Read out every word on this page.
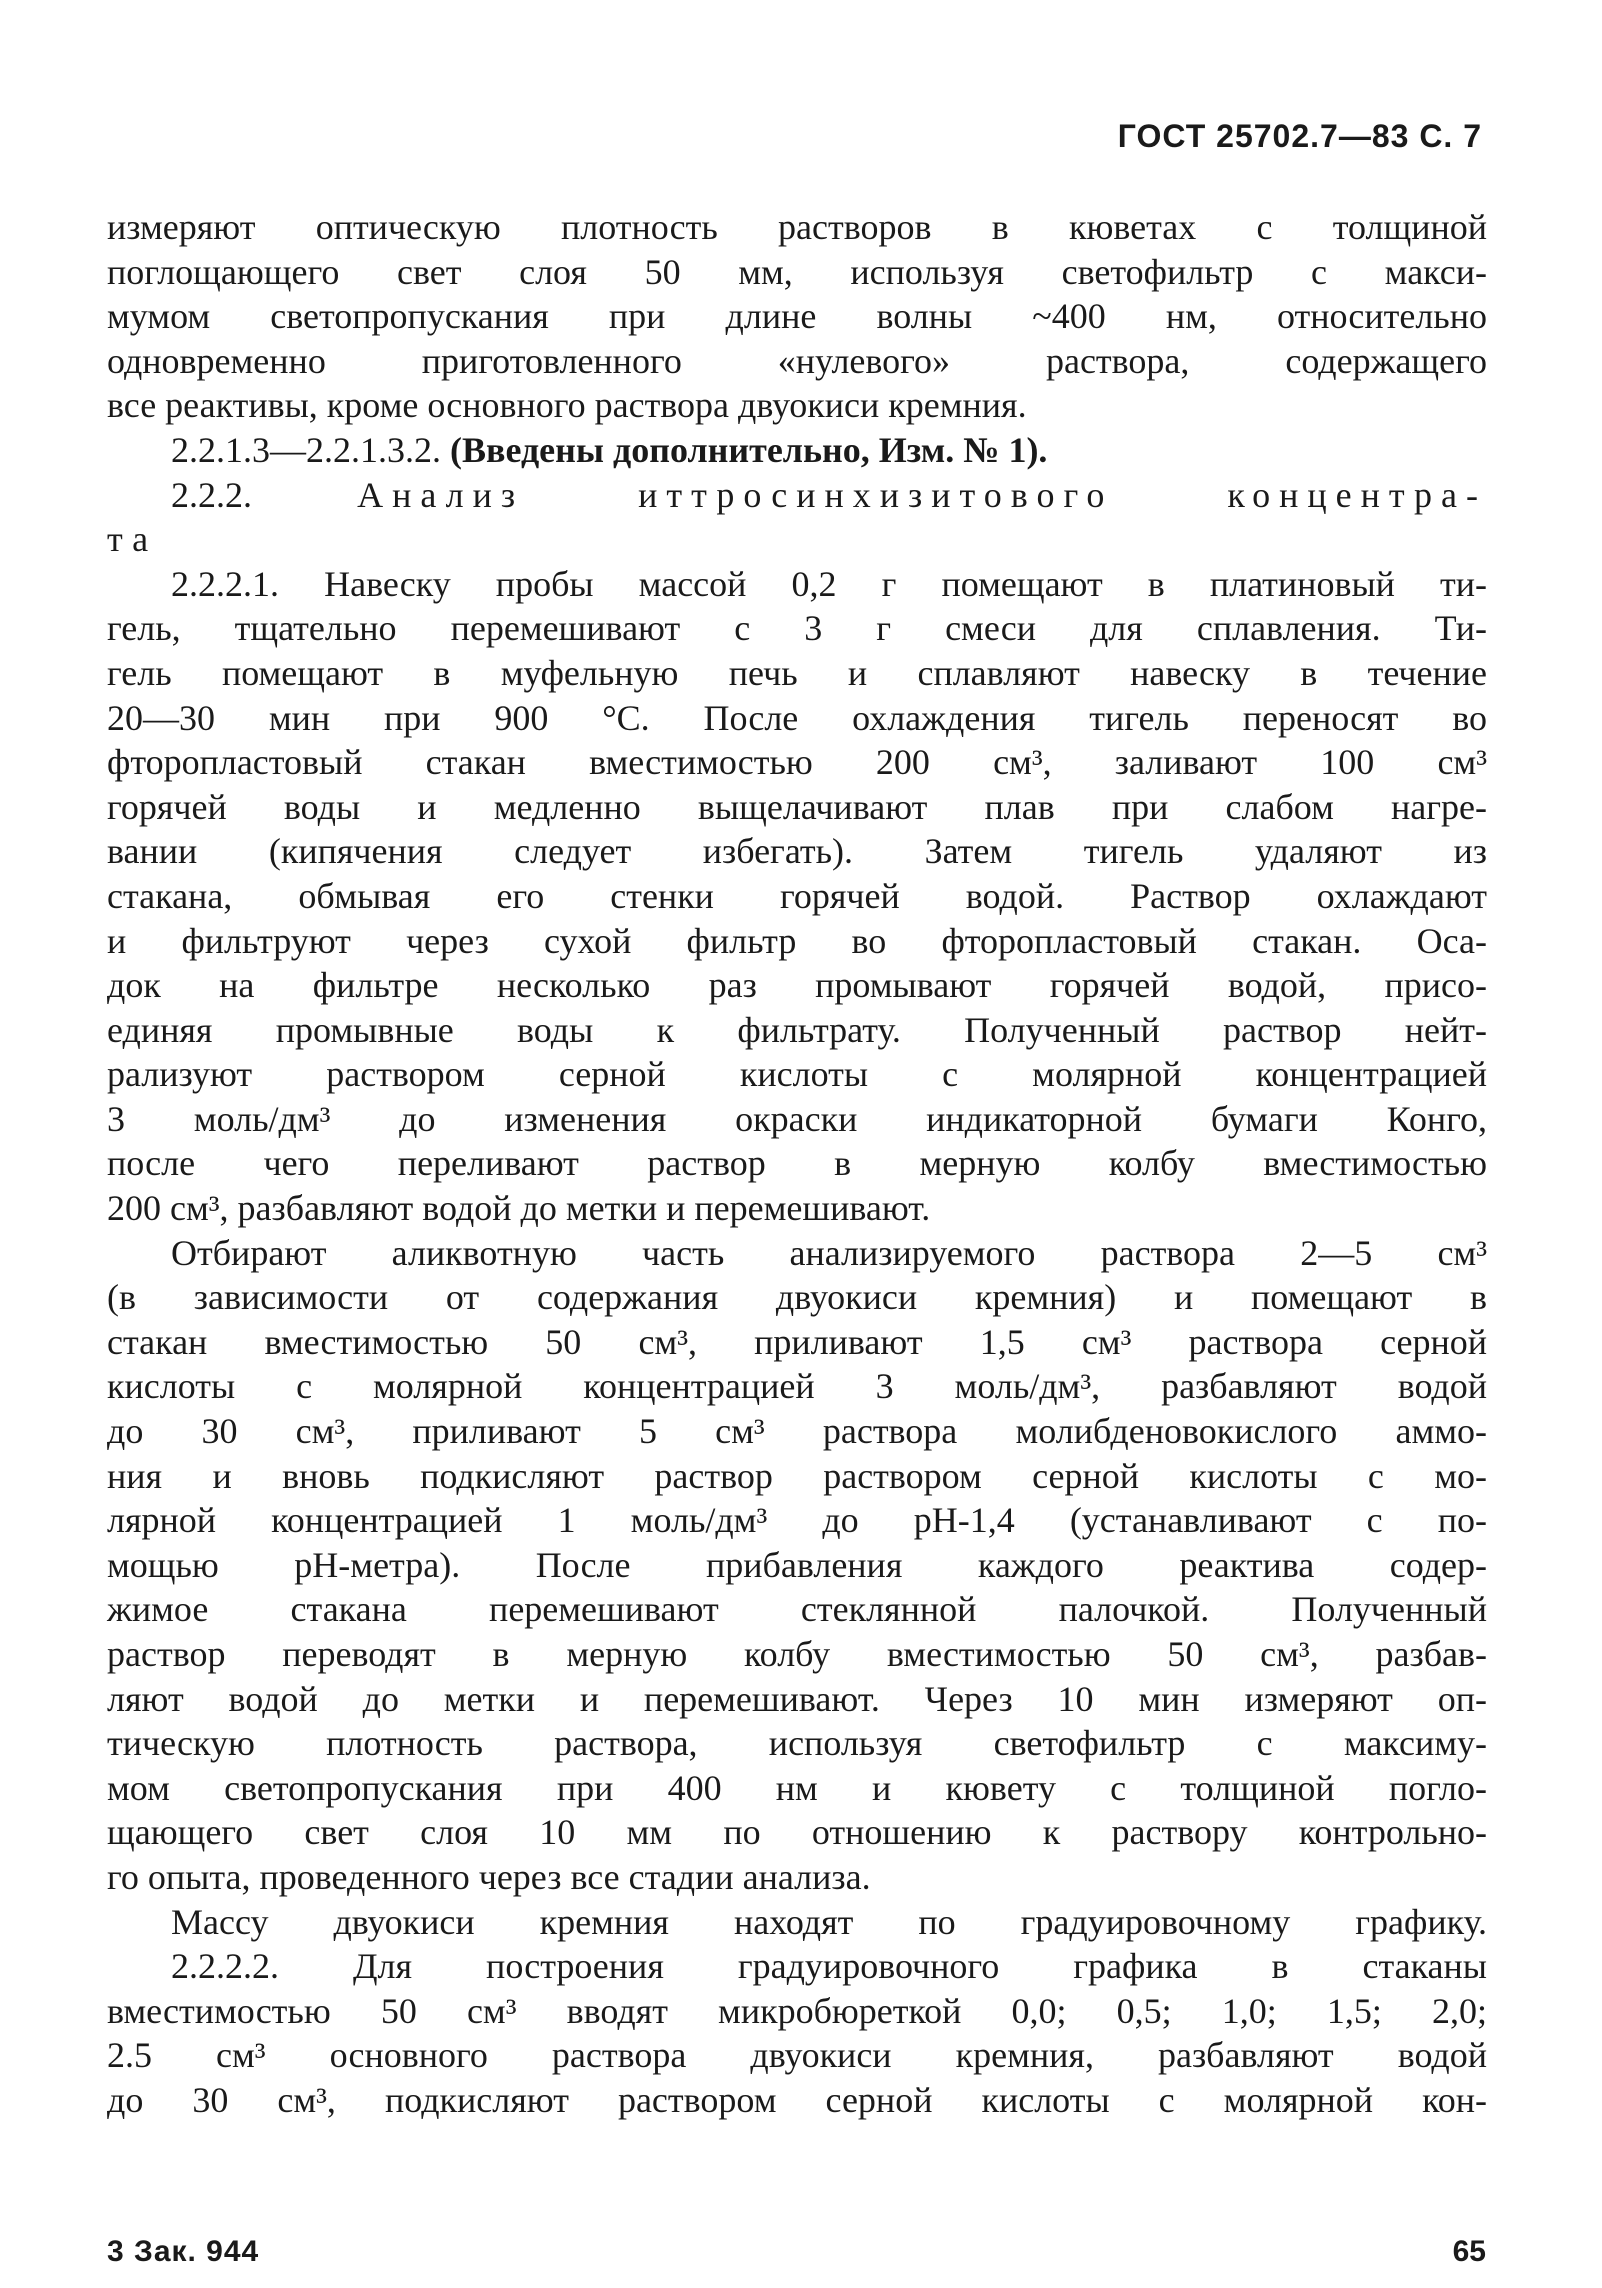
ГОСТ 25702.7—83 С. 7
измеряют оптическую плотность растворов в кюветах с толщиной
поглощающего свет слоя 50 мм, используя светофильтр с макси-
мумом светопропускания при длине волны ~400 нм, относительно
одновременно приготовленного «нулевого» раствора, содержащего
все реактивы, кроме основного раствора двуокиси кремния.
2.2.1.3—2.2.1.3.2. (Введены дополнительно, Изм. № 1).
2.2.2.	Анализ иттросинхизитового концентра-
та
2.2.2.1. Навеску пробы массой 0,2 г помещают в платиновый ти-
гель, тщательно перемешивают с 3 г смеси для сплавления. Ти-
гель помещают в муфельную печь и сплавляют навеску в течение
20—30 мин при 900 °С. После охлаждения тигель переносят во
фторопластовый стакан вместимостью 200 см³, заливают 100 см³
горячей воды и медленно выщелачивают плав при слабом нагре-
вании (кипячения следует избегать). Затем тигель удаляют из
стакана, обмывая его стенки горячей водой. Раствор охлаждают
и фильтруют через сухой фильтр во фторопластовый стакан. Оса-
док на фильтре несколько раз промывают горячей водой, присо-
единяя промывные воды к фильтрату. Полученный раствор нейт-
рализуют раствором серной кислоты с молярной концентрацией
3 моль/дм³ до изменения окраски индикаторной бумаги Конго,
после чего переливают раствор в мерную колбу вместимостью
200 см³, разбавляют водой до метки и перемешивают.
Отбирают аликвотную часть анализируемого раствора 2—5 см³
(в зависимости от содержания двуокиси кремния) и помещают в
стакан вместимостью 50 см³, приливают 1,5 см³ раствора серной
кислоты с молярной концентрацией 3 моль/дм³, разбавляют водой
до 30 см³, приливают 5 см³ раствора молибденовокислого аммо-
ния и вновь подкисляют раствор раствором серной кислоты с мо-
лярной концентрацией 1 моль/дм³ до рН-1,4 (устанавливают с по-
мощью рН-метра). После прибавления каждого реактива содер-
жимое стакана перемешивают стеклянной палочкой. Полученный
раствор переводят в мерную колбу вместимостью 50 см³, разбав-
ляют водой до метки и перемешивают. Через 10 мин измеряют оп-
тическую плотность раствора, используя светофильтр с максиму-
мом светопропускания при 400 нм и кювету с толщиной погло-
щающего свет слоя 10 мм по отношению к раствору контрольно-
го опыта, проведенного через все стадии анализа.
Массу двуокиси кремния находят по градуировочному графику.
2.2.2.2. Для построения градуировочного графика в стаканы
вместимостью 50 см³ вводят микробюреткой 0,0; 0,5; 1,0; 1,5; 2,0;
2.5 см³ основного раствора двуокиси кремния, разбавляют водой
до 30 см³, подкисляют раствором серной кислоты с молярной кон-
3 Зак. 944	65
